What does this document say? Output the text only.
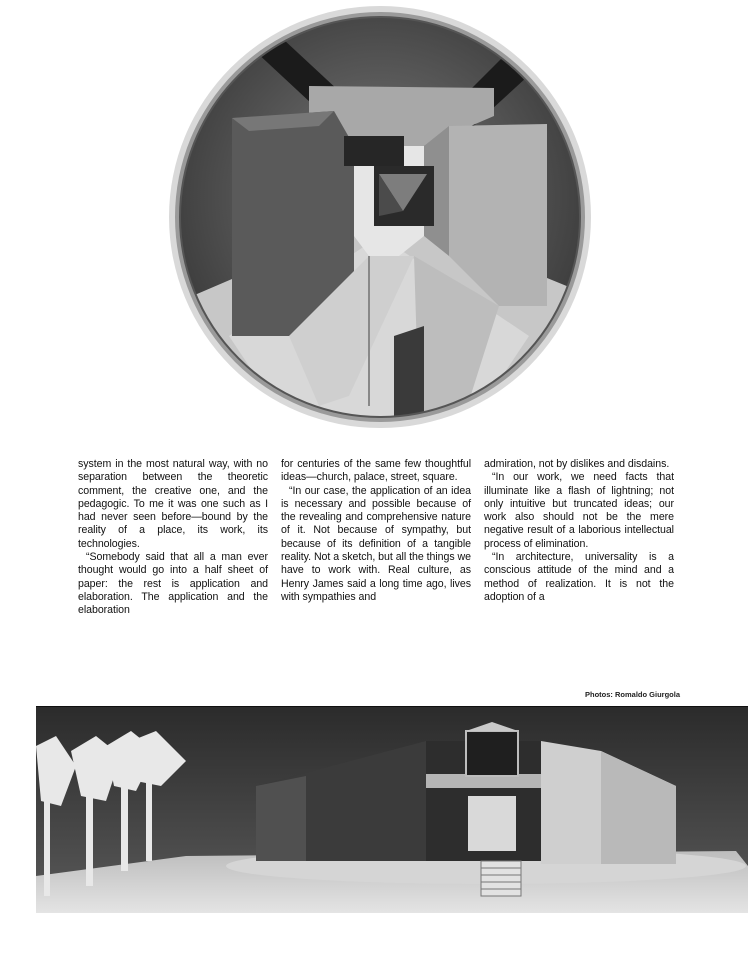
system in the most natural way, with no separation between the theoretic comment, the creative one, and the pedagogic. To me it was one such as I had never seen before—bound by the reality of a place, its work, its technologies.

“Somebody said that all a man ever thought would go into a half sheet of paper: the rest is application and elaboration. The application and the elaboration

for centuries of the same few thoughtful ideas—church, palace, street, square.

“In our case, the application of an idea is necessary and possible because of the revealing and comprehensive nature of it. Not because of sympathy, but because of its definition of a tangible reality. Not a sketch, but all the things we have to work with. Real culture, as Henry James said a long time ago, lives with sympathies and

admiration, not by dislikes and disdains.

“In our work, we need facts that illuminate like a flash of lightning; not only intuitive but truncated ideas; our work also should not be the mere negative result of a laborious intellectual process of elimination.

“In architecture, universality is a conscious attitude of the mind and a method of realization. It is not the adoption of a

Photos: Romaldo Giurgola
